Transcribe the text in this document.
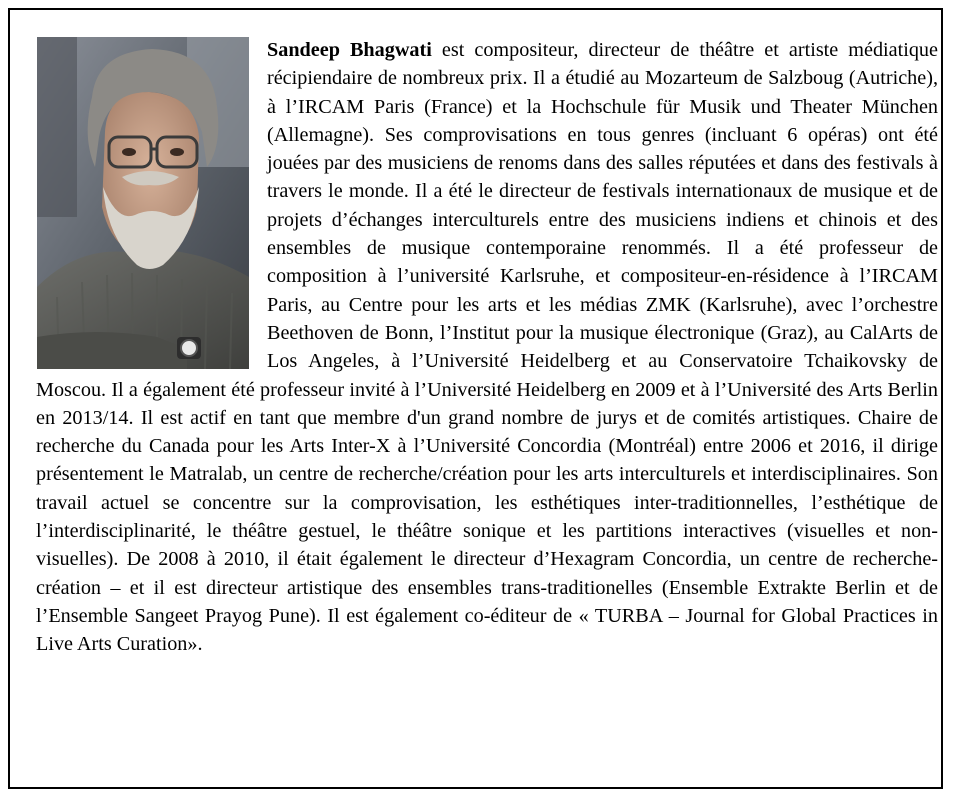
Sandeep Bhagwati est compositeur, directeur de théâtre et artiste médiatique récipiendaire de nombreux prix. Il a étudié au Mozarteum de Salzboug (Autriche), à l’IRCAM Paris (France) et la Hochschule für Musik und Theater München (Allemagne). Ses comprovisations en tous genres (incluant 6 opéras) ont été jouées par des musiciens de renoms dans des salles réputées et dans des festivals à travers le monde. Il a été le directeur de festivals internationaux de musique et de projets d’échanges interculturels entre des musiciens indiens et chinois et des ensembles de musique contemporaine renommés. Il a été professeur de composition à l’université Karlsruhe, et compositeur-en-résidence à l’IRCAM Paris, au Centre pour les arts et les médias ZMK (Karlsruhe), avec l’orchestre Beethoven de Bonn, l’Institut pour la musique électronique (Graz), au CalArts de Los Angeles, à l’Université Heidelberg et au Conservatoire Tchaikovsky de Moscou. Il a également été professeur invité à l’Université Heidelberg en 2009 et à l’Université des Arts Berlin en 2013/14. Il est actif en tant que membre d'un grand nombre de jurys et de comités artistiques. Chaire de recherche du Canada pour les Arts Inter-X à l’Université Concordia (Montréal) entre 2006 et 2016, il dirige présentement le Matralab, un centre de recherche/création pour les arts interculturels et interdisciplinaires. Son travail actuel se concentre sur la comprovisation, les esthétiques inter-traditionnelles, l’esthétique de l’interdisciplinarité, le théâtre gestuel, le théâtre sonique et les partitions interactives (visuelles et non-visuelles). De 2008 à 2010, il était également le directeur d’Hexagram Concordia, un centre de recherche-création – et il est directeur artistique des ensembles trans-traditionelles (Ensemble Extrakte Berlin et de l’Ensemble Sangeet Prayog Pune). Il est également co-éditeur de « TURBA – Journal for Global Practices in Live Arts Curation».
